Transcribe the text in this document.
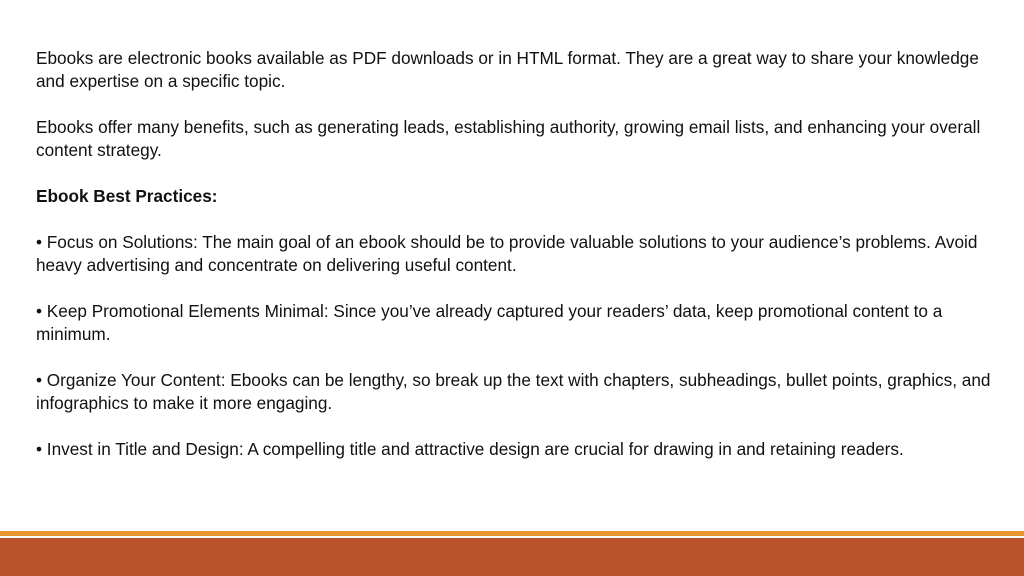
Ebooks are electronic books available as PDF downloads or in HTML format. They are a great way to share your knowledge and expertise on a specific topic.

Ebooks offer many benefits, such as generating leads, establishing authority, growing email lists, and enhancing your overall content strategy.

Ebook Best Practices:

• Focus on Solutions: The main goal of an ebook should be to provide valuable solutions to your audience’s problems. Avoid heavy advertising and concentrate on delivering useful content.

• Keep Promotional Elements Minimal: Since you’ve already captured your readers’ data, keep promotional content to a minimum.

• Organize Your Content: Ebooks can be lengthy, so break up the text with chapters, subheadings, bullet points, graphics, and infographics to make it more engaging.

• Invest in Title and Design: A compelling title and attractive design are crucial for drawing in and retaining readers.
